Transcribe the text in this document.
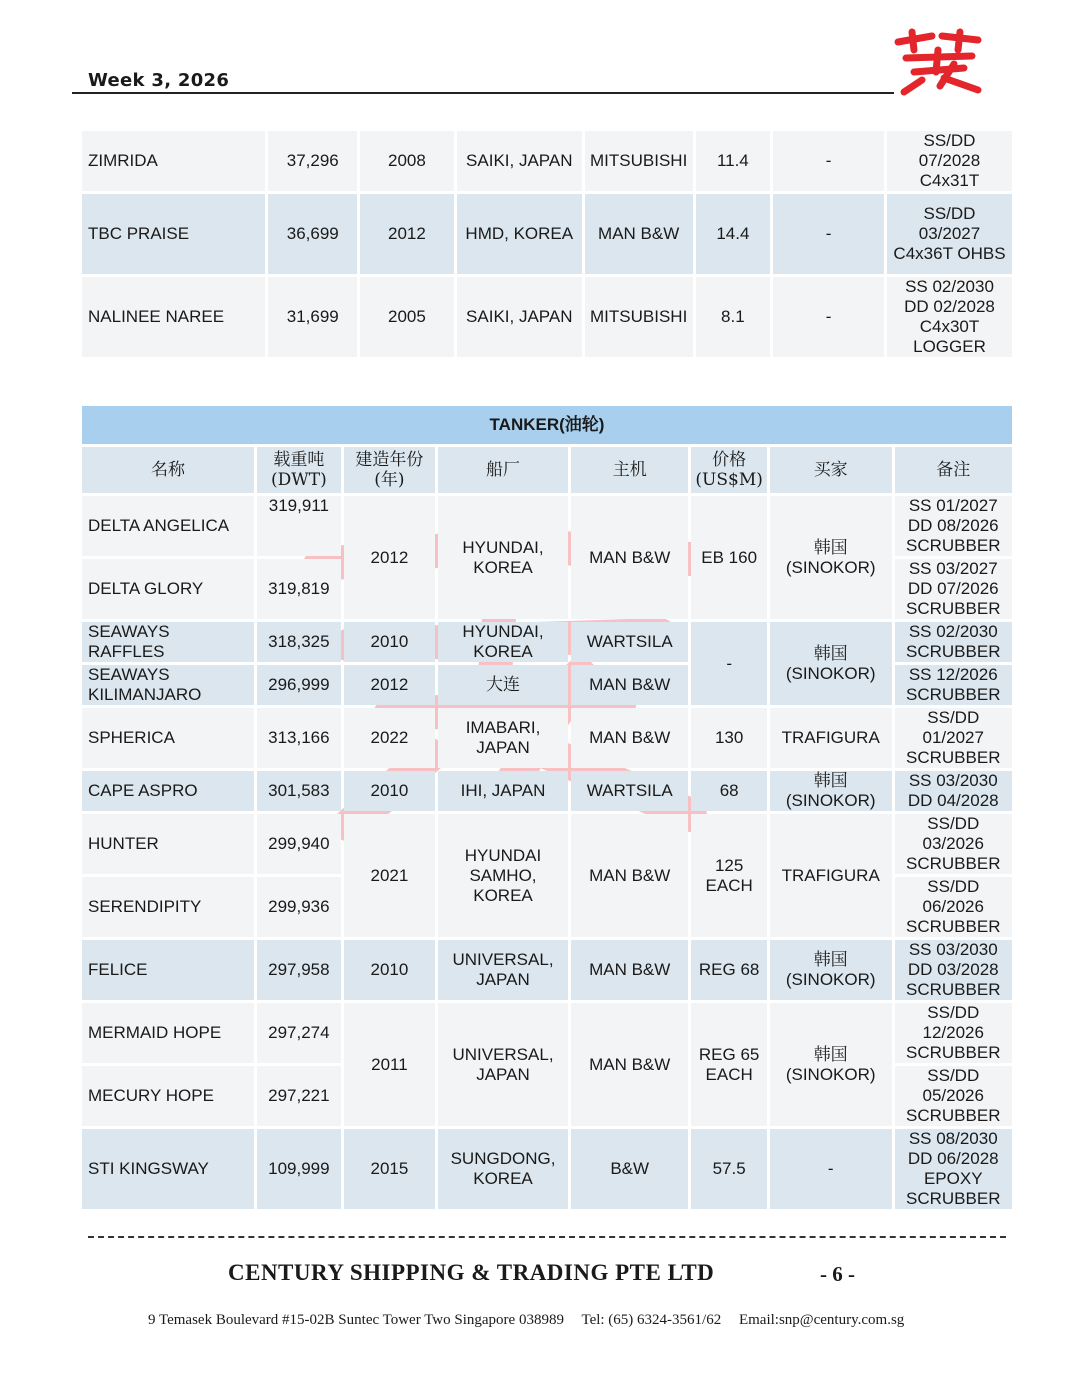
Week 3, 2026
ZIMRIDA	37,296	2008	SAIKI, JAPAN	MITSUBISHI	11.4	-	SS/DD 07/2028 C4x31T
TBC PRAISE	36,699	2012	HMD, KOREA	MAN B&W	14.4	-	SS/DD 03/2027 C4x36T OHBS
NALINEE NAREE	31,699	2005	SAIKI, JAPAN	MITSUBISHI	8.1	-	SS 02/2030 DD 02/2028 C4x30T LOGGER
TANKER(油轮)							
名称	载重吨 (DWT)	建造年份 (年)	船厂	主机	价格 (US$M)	买家	备注
DELTA ANGELICA	319,911	2012	HYUNDAI, KOREA	MAN B&W	EB 160	韩国 (SINOKOR)	SS 01/2027 DD 08/2026 SCRUBBER
DELTA GLORY	319,819						SS 03/2027 DD 07/2026 SCRUBBER
SEAWAYS RAFFLES	318,325	2010	HYUNDAI, KOREA	WARTSILA	-	韩国 (SINOKOR)	SS 02/2030 SCRUBBER
SEAWAYS KILIMANJARO	296,999	2012	大连	MAN B&W			SS 12/2026 SCRUBBER
SPHERICA	313,166	2022	IMABARI, JAPAN	MAN B&W	130	TRAFIGURA	SS/DD 01/2027 SCRUBBER
CAPE ASPRO	301,583	2010	IHI, JAPAN	WARTSILA	68	韩国 (SINOKOR)	SS 03/2030 DD 04/2028
HUNTER	299,940	2021	HYUNDAI SAMHO, KOREA	MAN B&W	125 EACH	TRAFIGURA	SS/DD 03/2026 SCRUBBER
SERENDIPITY	299,936						SS/DD 06/2026 SCRUBBER
FELICE	297,958	2010	UNIVERSAL, JAPAN	MAN B&W	REG 68	韩国 (SINOKOR)	SS 03/2030 DD 03/2028 SCRUBBER
MERMAID HOPE	297,274	2011	UNIVERSAL, JAPAN	MAN B&W	REG 65 EACH	韩国 (SINOKOR)	SS/DD 12/2026 SCRUBBER
MECURY HOPE	297,221						SS/DD 05/2026 SCRUBBER
STI KINGSWAY	109,999	2015	SUNGDONG, KOREA	B&W	57.5	-	SS 08/2030 DD 06/2028 EPOXY SCRUBBER
CENTURY SHIPPING & TRADING PTE LTD	- 6 -
9 Temasek Boulevard #15-02B Suntec Tower Two Singapore 038989 Tel: (65) 6324-3561/62 Email:snp@century.com.sg
